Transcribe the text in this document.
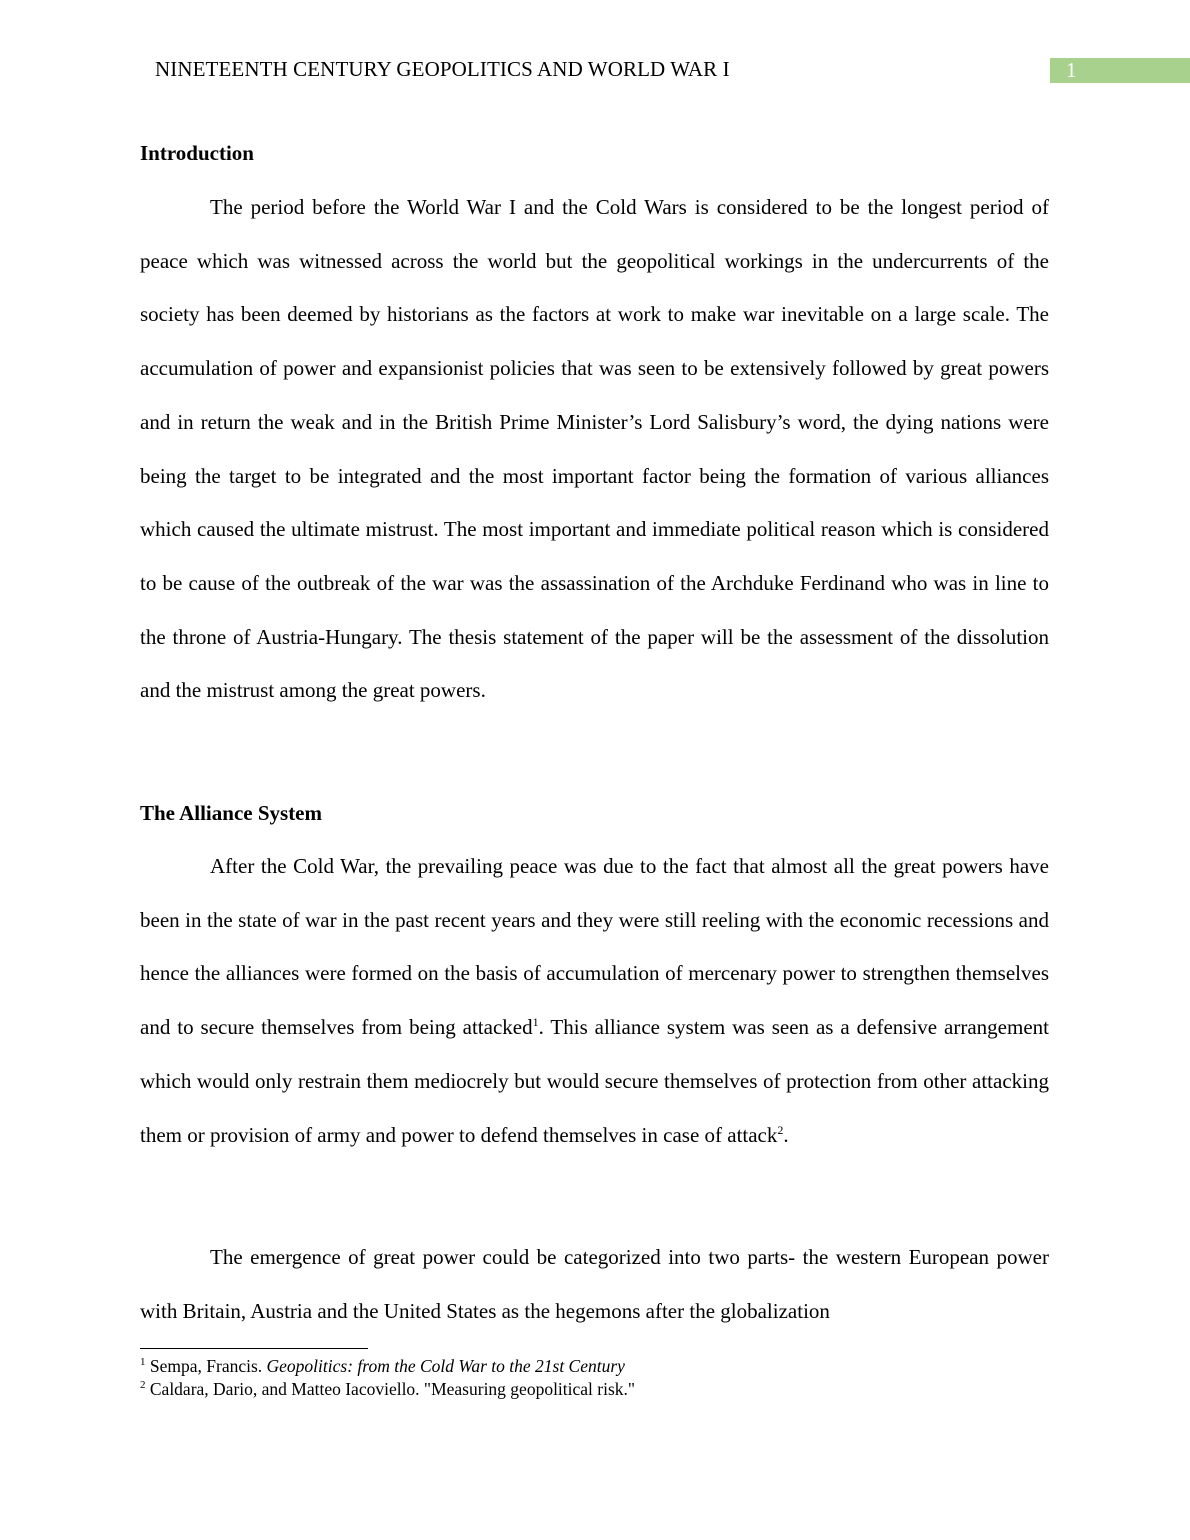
NINETEENTH CENTURY GEOPOLITICS AND WORLD WAR I	1
Introduction

The period before the World War I and the Cold Wars is considered to be the longest period of peace which was witnessed across the world but the geopolitical workings in the undercurrents of the society has been deemed by historians as the factors at work to make war inevitable on a large scale. The accumulation of power and expansionist policies that was seen to be extensively followed by great powers and in return the weak and in the British Prime Minister’s Lord Salisbury’s word, the dying nations were being the target to be integrated and the most important factor being the formation of various alliances which caused the ultimate mistrust. The most important and immediate political reason which is considered to be cause of the outbreak of the war was the assassination of the Archduke Ferdinand who was in line to the throne of Austria-Hungary. The thesis statement of the paper will be the assessment of the dissolution and the mistrust among the great powers.

The Alliance System

After the Cold War, the prevailing peace was due to the fact that almost all the great powers have been in the state of war in the past recent years and they were still reeling with the economic recessions and hence the alliances were formed on the basis of accumulation of mercenary power to strengthen themselves and to secure themselves from being attacked$^1$. This alliance system was seen as a defensive arrangement which would only restrain them mediocrely but would secure themselves of protection from other attacking them or provision of army and power to defend themselves in case of attack$^2$.

The emergence of great power could be categorized into two parts- the western European power with Britain, Austria and the United States as the hegemons after the globalization

$^1$ Sempa, Francis. Geopolitics: from the Cold War to the 21st Century
$^2$ Caldara, Dario, and Matteo Iacoviello. "Measuring geopolitical risk."
